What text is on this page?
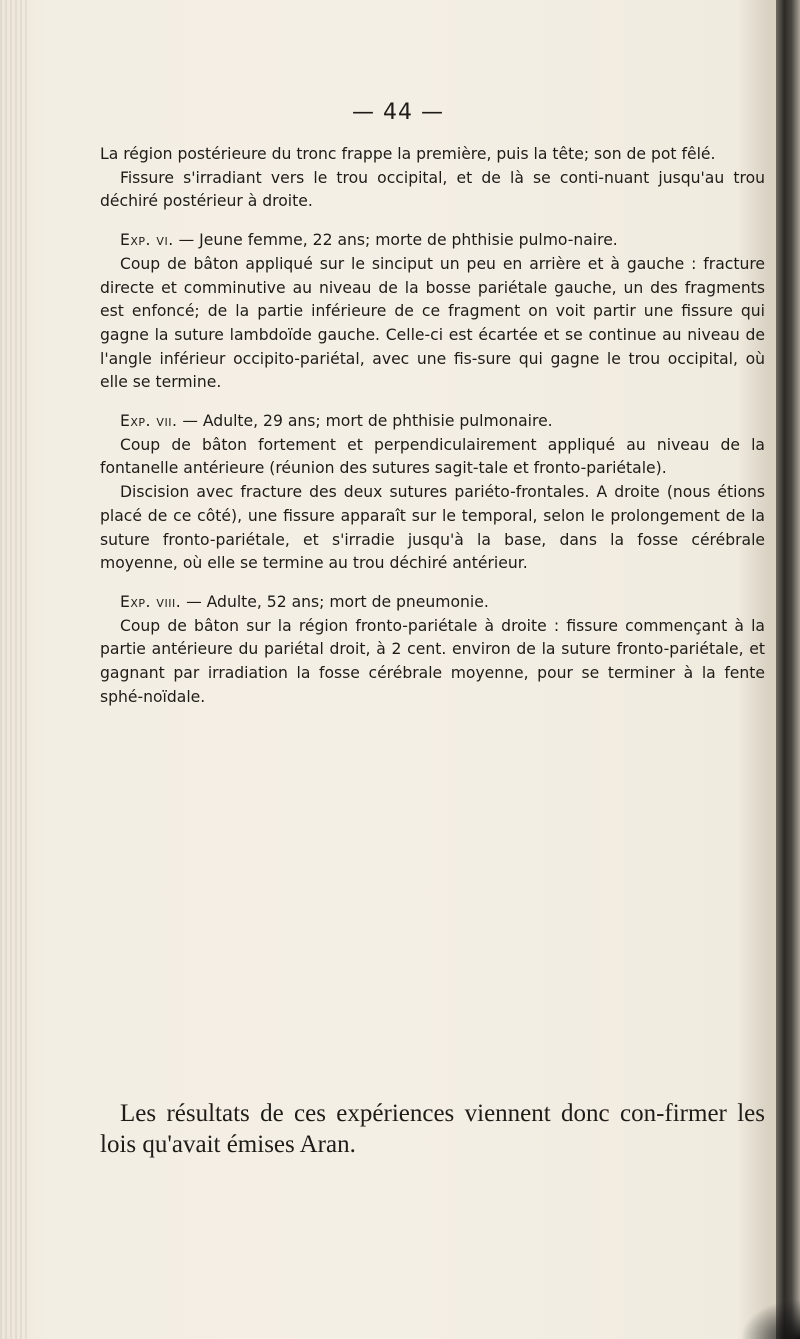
— 44 —

La région postérieure du tronc frappe la première, puis la tête; son de pot fêlé.

Fissure s'irradiant vers le trou occipital, et de là se conti-nuant jusqu'au trou déchiré postérieur à droite.

Exp. vi. — Jeune femme, 22 ans; morte de phthisie pulmo-naire.

Coup de bâton appliqué sur le sinciput un peu en arrière et à gauche : fracture directe et comminutive au niveau de la bosse pariétale gauche, un des fragments est enfoncé; de la partie inférieure de ce fragment on voit partir une fissure qui gagne la suture lambdoïde gauche. Celle-ci est écartée et se continue au niveau de l'angle inférieur occipito-pariétal, avec une fis-sure qui gagne le trou occipital, où elle se termine.

Exp. vii. — Adulte, 29 ans; mort de phthisie pulmonaire.

Coup de bâton fortement et perpendiculairement appliqué au niveau de la fontanelle antérieure (réunion des sutures sagit-tale et fronto-pariétale).

Discision avec fracture des deux sutures pariéto-frontales. A droite (nous étions placé de ce côté), une fissure apparaît sur le temporal, selon le prolongement de la suture fronto-pariétale, et s'irradie jusqu'à la base, dans la fosse cérébrale moyenne, où elle se termine au trou déchiré antérieur.

Exp. viii. — Adulte, 52 ans; mort de pneumonie.

Coup de bâton sur la région fronto-pariétale à droite : fissure commençant à la partie antérieure du pariétal droit, à 2 cent. environ de la suture fronto-pariétale, et gagnant par irradiation la fosse cérébrale moyenne, pour se terminer à la fente sphé-noïdale.

Les résultats de ces expériences viennent donc con-firmer les lois qu'avait émises Aran.
